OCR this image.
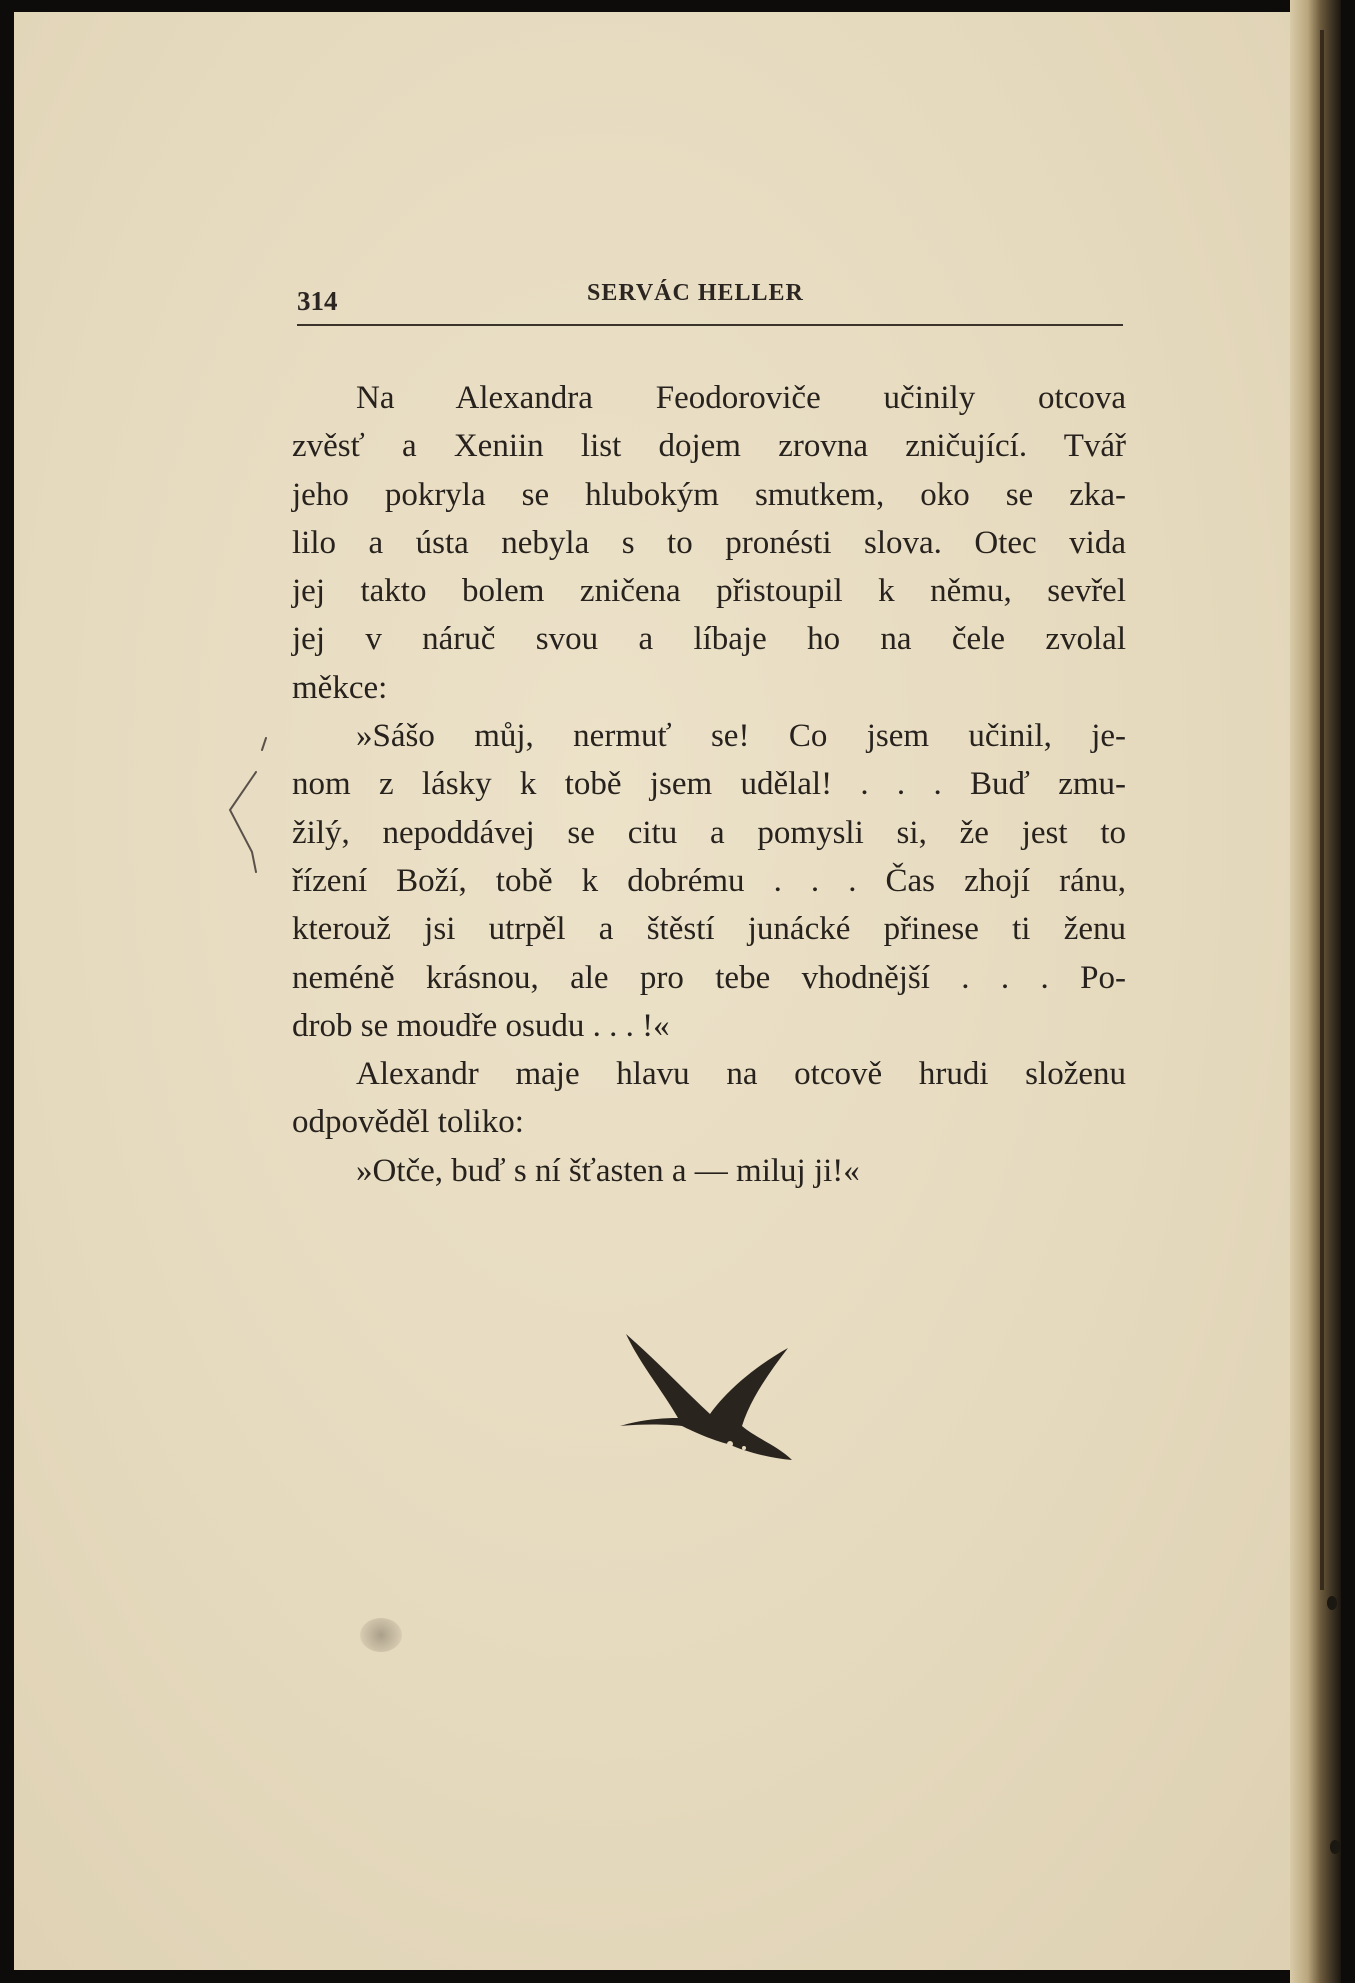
314	SERVÁC HELLER
Na Alexandra Feodoroviče učinily otcova
zvěsť a Xeniin list dojem zrovna zničující. Tvář
jeho pokryla se hlubokým smutkem, oko se zka-
lilo a ústa nebyla s to pronésti slova. Otec vida
jej takto bolem zničena přistoupil k němu, sevřel
jej v náruč svou a líbaje ho na čele zvolal
měkce:
»Sášo můj, nermuť se! Co jsem učinil, je-
nom z lásky k tobě jsem udělal! . . . Buď zmu-
žilý, nepoddávej se citu a pomysli si, že jest to
řízení Boží, tobě k dobrému . . . Čas zhojí ránu,
kterouž jsi utrpěl a štěstí junácké přinese ti ženu
neméně krásnou, ale pro tebe vhodnější . . . Po-
drob se moudře osudu . . . !«
Alexandr maje hlavu na otcově hrudi složenu
odpověděl toliko:
»Otče, buď s ní šťasten a — miluj ji!«
